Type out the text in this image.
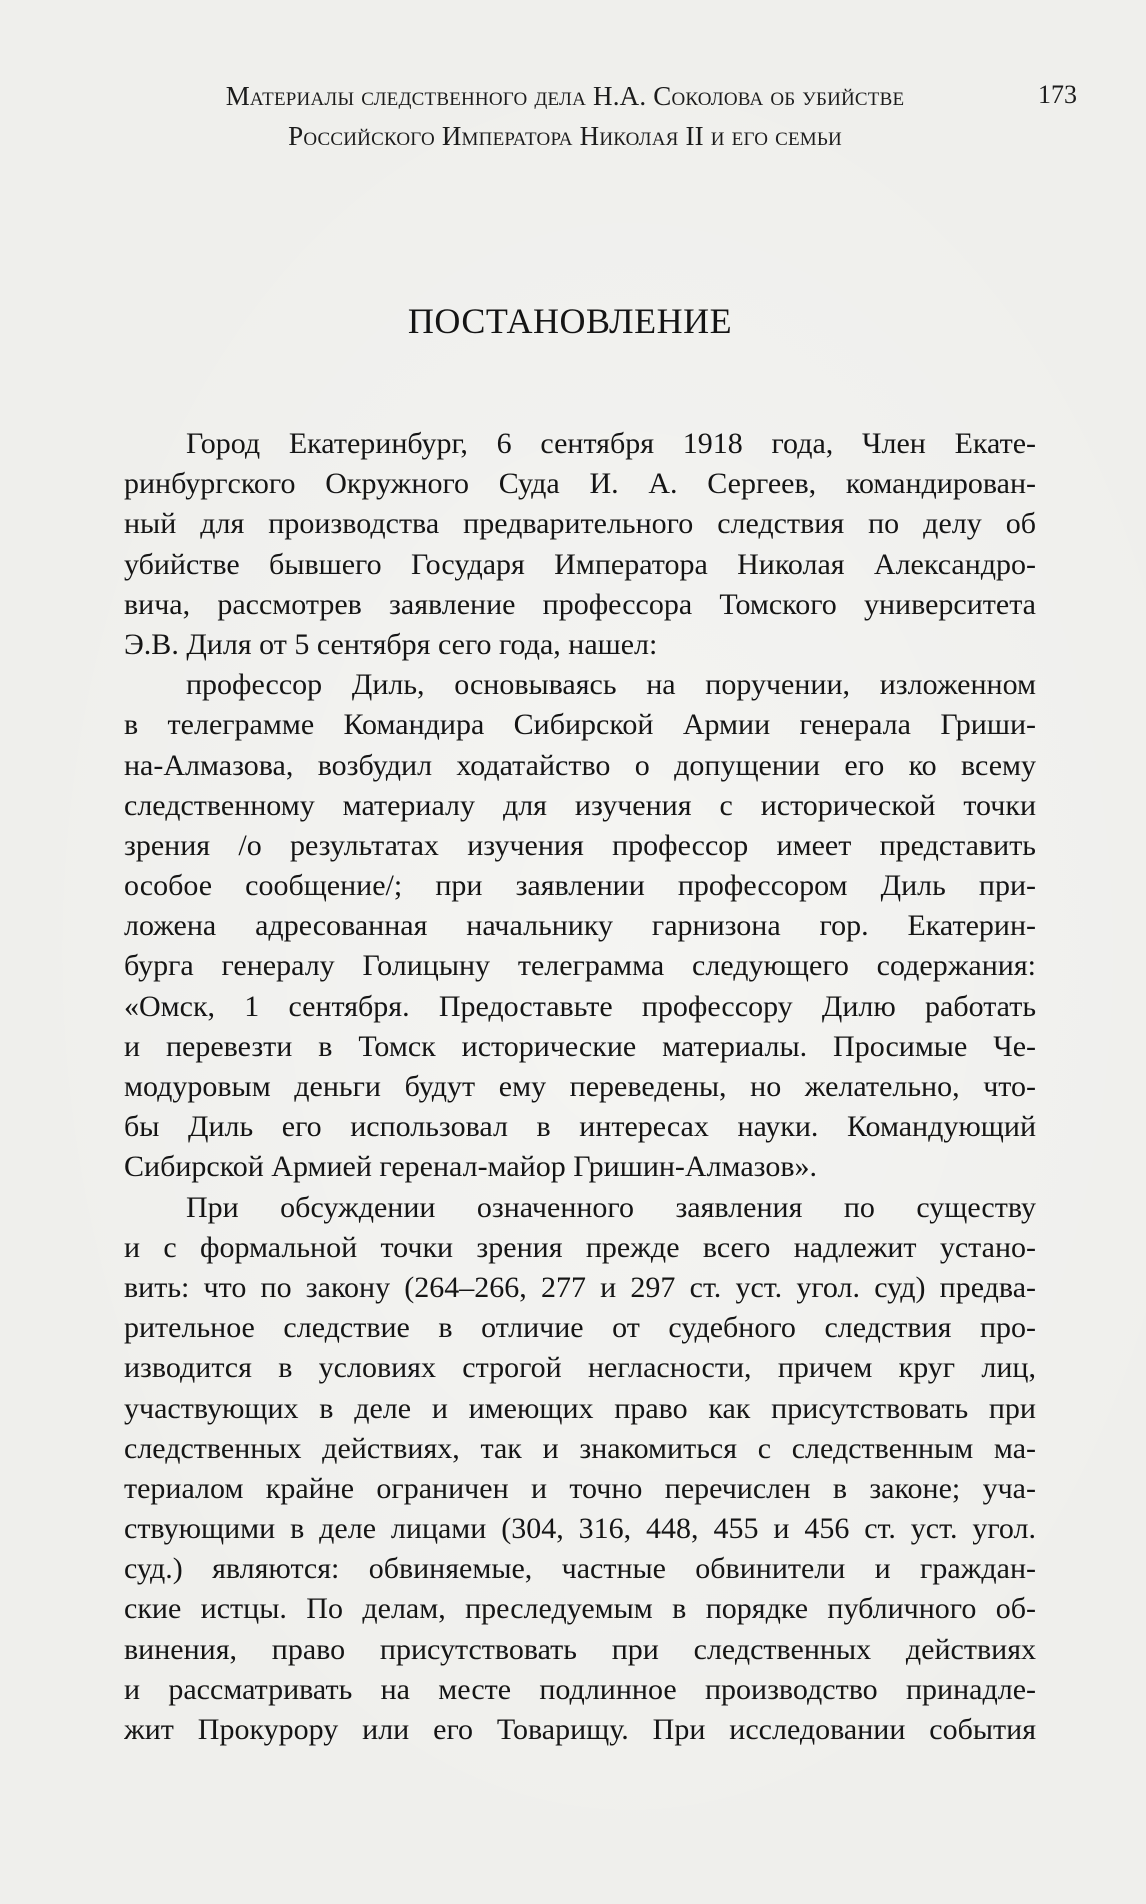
Материалы следственного дела Н.А. Соколова об убийстве
Российского Императора Николая II и его семьи
173
ПОСТАНОВЛЕНИЕ
Город Екатеринбург, 6 сентября 1918 года, Член Екате-
ринбургского Окружного Суда И. А. Сергеев, командирован-
ный для производства предварительного следствия по делу об
убийстве бывшего Государя Императора Николая Александро-
вича, рассмотрев заявление профессора Томского университета
Э.В. Диля от 5 сентября сего года, нашел:
профессор Диль, основываясь на поручении, изложенном
в телеграмме Командира Сибирской Армии генерала Гриши-
на-Алмазова, возбудил ходатайство о допущении его ко всему
следственному материалу для изучения с исторической точки
зрения /о результатах изучения профессор имеет представить
особое сообщение/; при заявлении профессором Диль при-
ложена адресованная начальнику гарнизона гор. Екатерин-
бурга генералу Голицыну телеграмма следующего содержания:
«Омск, 1 сентября. Предоставьте профессору Дилю работать
и перевезти в Томск исторические материалы. Просимые Че-
модуровым деньги будут ему переведены, но желательно, что-
бы Диль его использовал в интересах науки. Командующий
Сибирской Армией геренал-майор Гришин-Алмазов».
При обсуждении означенного заявления по существу
и с формальной точки зрения прежде всего надлежит устано-
вить: что по закону (264–266, 277 и 297 ст. уст. угол. суд) предва-
рительное следствие в отличие от судебного следствия про-
изводится в условиях строгой негласности, причем круг лиц,
участвующих в деле и имеющих право как присутствовать при
следственных действиях, так и знакомиться с следственным ма-
териалом крайне ограничен и точно перечислен в законе; уча-
ствующими в деле лицами (304, 316, 448, 455 и 456 ст. уст. угол.
суд.) являются: обвиняемые, частные обвинители и граждан-
ские истцы. По делам, преследуемым в порядке публичного об-
винения, право присутствовать при следственных действиях
и рассматривать на месте подлинное производство принадле-
жит Прокурору или его Товарищу. При исследовании события
